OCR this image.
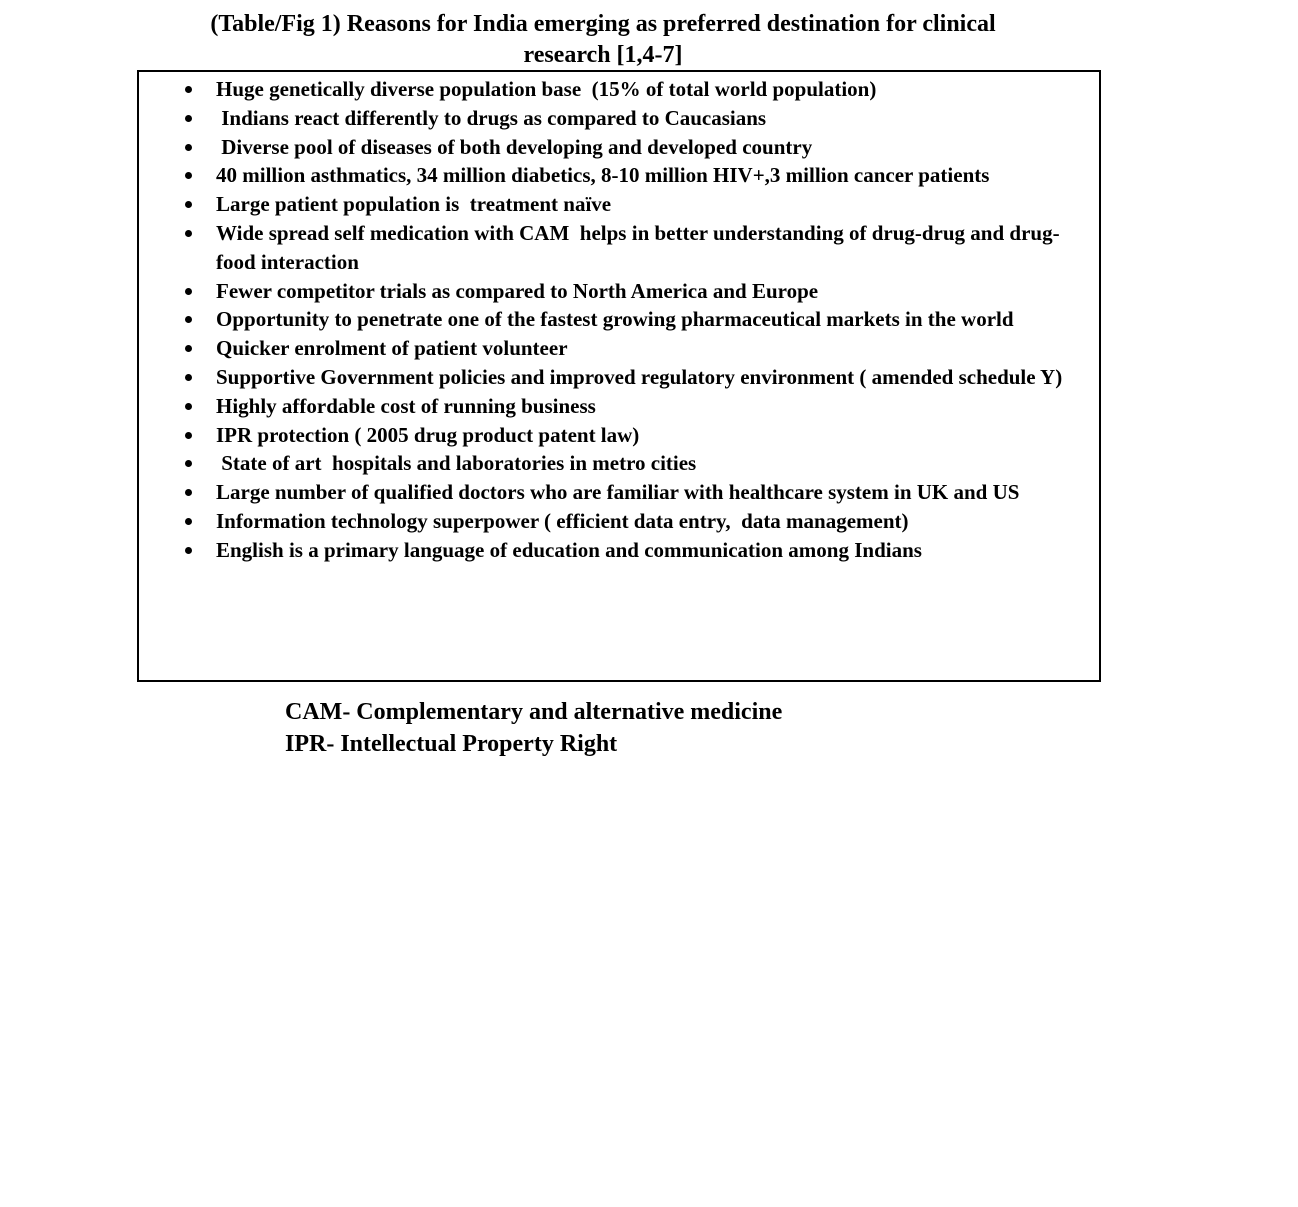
(Table/Fig 1) Reasons for India emerging as preferred destination for clinical
research [1,4-7]
Huge genetically diverse population base  (15% of total world population)
Indians react differently to drugs as compared to Caucasians
Diverse pool of diseases of both developing and developed country
40 million asthmatics, 34 million diabetics, 8-10 million HIV+,3 million cancer patients
Large patient population is  treatment naïve
Wide spread self medication with CAM  helps in better understanding of drug-drug and drug- food interaction
Fewer competitor trials as compared to North America and Europe
Opportunity to penetrate one of the fastest growing pharmaceutical markets in the world
Quicker enrolment of patient volunteer
Supportive Government policies and improved regulatory environment ( amended schedule Y)
Highly affordable cost of running business
IPR protection ( 2005 drug product patent law)
State of art  hospitals and laboratories in metro cities
Large number of qualified doctors who are familiar with healthcare system in UK and US
Information technology superpower ( efficient data entry,  data management)
English is a primary language of education and communication among Indians
CAM- Complementary and alternative medicine
IPR- Intellectual Property Right
